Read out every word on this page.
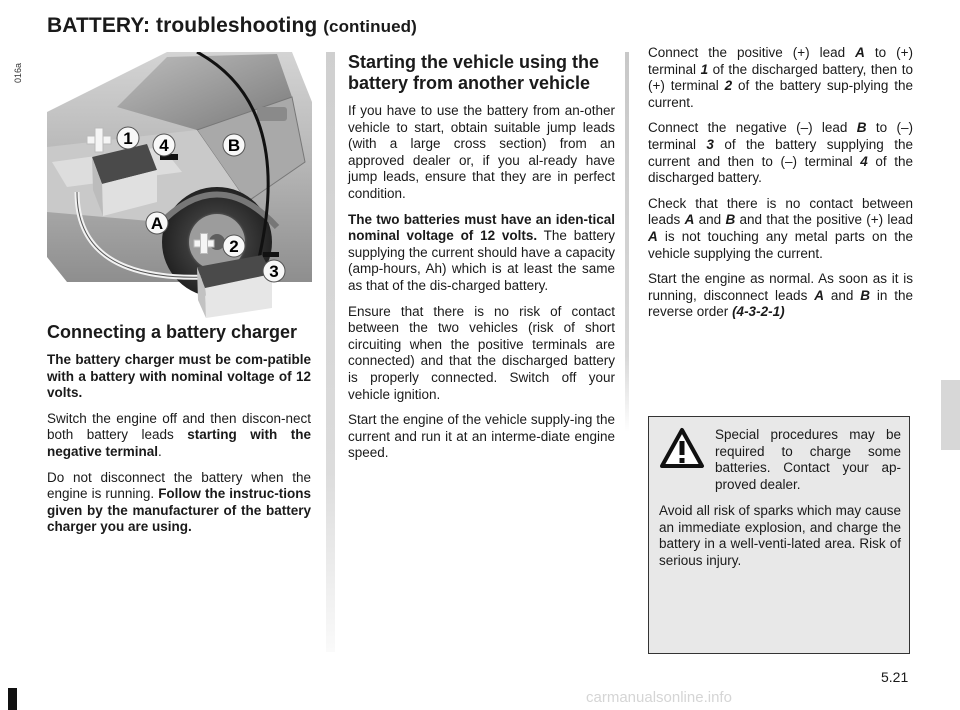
BATTERY: troubleshooting (continued)
016a
1 4	B
A
2
3
Connecting a battery charger

The battery charger must be com-patible with a battery with nominal voltage of 12 volts.

Switch the engine off and then discon-nect both battery leads starting with the negative terminal.

Do not disconnect the battery when the engine is running. Follow the instruc-tions given by the manufacturer of the battery charger you are using.

Starting the vehicle using the battery from another vehicle

If you have to use the battery from an-other vehicle to start, obtain suitable jump leads (with a large cross section) from an approved dealer or, if you al-ready have jump leads, ensure that they are in perfect condition.

The two batteries must have an iden-tical nominal voltage of 12 volts. The battery supplying the current should have a capacity (amp-hours, Ah) which is at least the same as that of the dis-charged battery.

Ensure that there is no risk of contact between the two vehicles (risk of short circuiting when the positive terminals are connected) and that the discharged battery is properly connected. Switch off your vehicle ignition.

Start the engine of the vehicle supply-ing the current and run it at an interme-diate engine speed.

Connect the positive (+) lead A to (+) terminal 1 of the discharged battery, then to (+) terminal 2 of the battery sup-plying the current.

Connect the negative (–) lead B to (–) terminal 3 of the battery supplying the current and then to (–) terminal 4 of the discharged battery.

Check that there is no contact between leads A and B and that the positive (+) lead A is not touching any metal parts on the vehicle supplying the current.

Start the engine as normal. As soon as it is running, disconnect leads A and B in the reverse order (4-3-2-1)

Special procedures may be required to charge some batteries. Contact your ap-proved dealer.
Avoid all risk of sparks which may cause an immediate explosion, and charge the battery in a well-venti-lated area. Risk of serious injury.
5.21
carmanualsonline.info
